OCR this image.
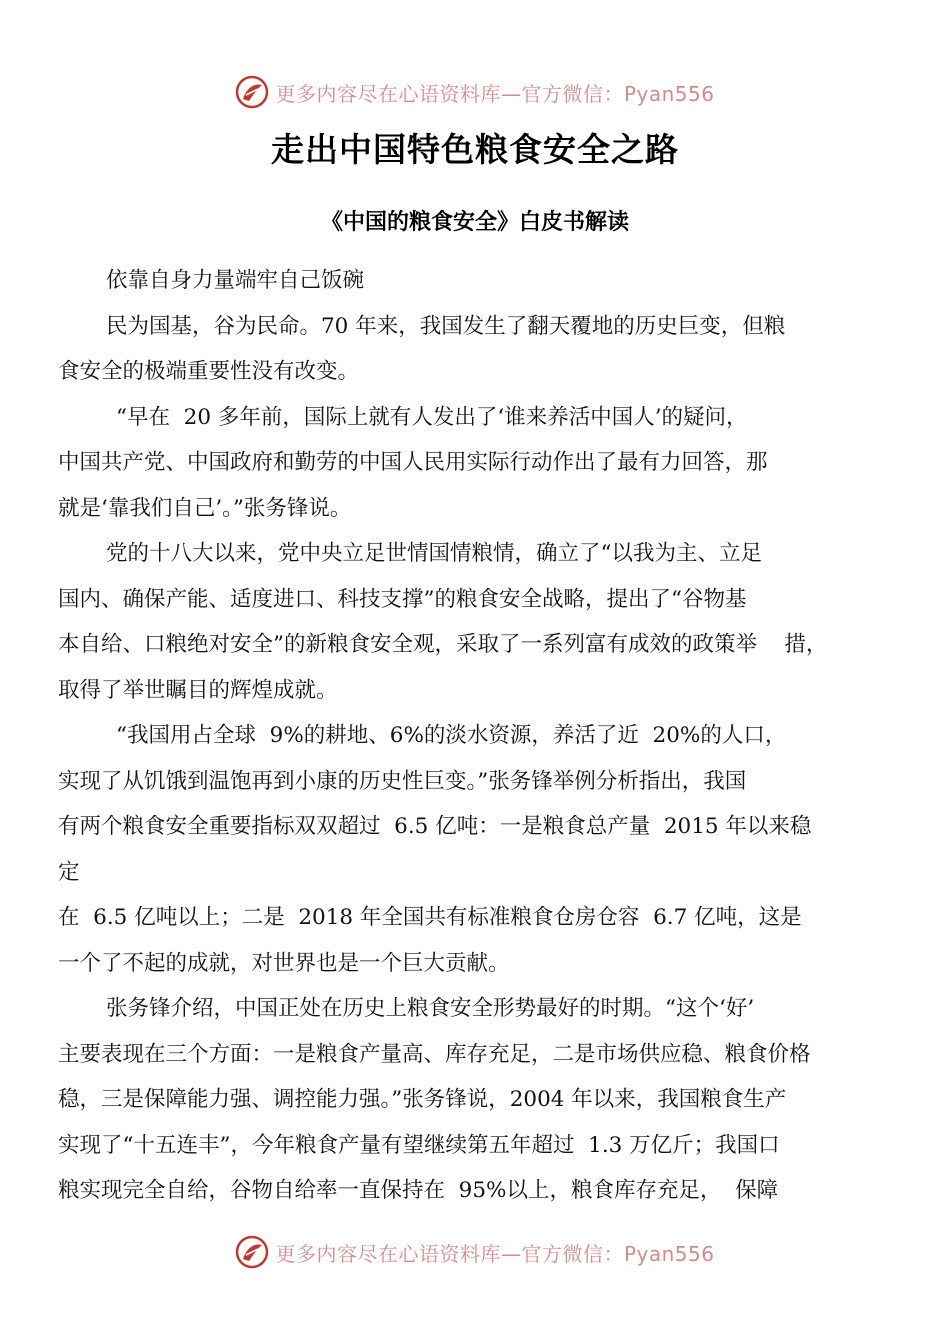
更多内容尽在心语资料库—官方微信：Pyan556
走出中国特色粮食安全之路
《中国的粮食安全》白皮书解读

依靠自身力量端牢自己饭碗

民为国基，谷为民命。70 年来，我国发生了翻天覆地的历史巨变，但粮

食安全的极端重要性没有改变。

“早在  20 多年前，国际上就有人发出了‘谁来养活中国人’的疑问，

中国共产党、中国政府和勤劳的中国人民用实际行动作出了最有力回答，那

就是‘靠我们自己’。”张务锋说。

党的十八大以来，党中央立足世情国情粮情，确立了“以我为主、立足

国内、确保产能、适度进口、科技支撑”的粮食安全战略，提出了“谷物基

本自给、口粮绝对安全”的新粮食安全观，采取了一系列富有成效的政策举    措，

取得了举世瞩目的辉煌成就。

“我国用占全球  9%的耕地、6%的淡水资源，养活了近  20%的人口，

实现了从饥饿到温饱再到小康的历史性巨变。”张务锋举例分析指出，我国

有两个粮食安全重要指标双双超过  6.5 亿吨：一是粮食总产量  2015 年以来稳

定

在  6.5 亿吨以上；二是  2018 年全国共有标准粮食仓房仓容  6.7 亿吨，这是

一个了不起的成就，对世界也是一个巨大贡献。

张务锋介绍，中国正处在历史上粮食安全形势最好的时期。“这个‘好’

主要表现在三个方面：一是粮食产量高、库存充足，二是市场供应稳、粮食价格

稳，三是保障能力强、调控能力强。”张务锋说，2004 年以来，我国粮食生产

实现了“十五连丰”，今年粮食产量有望继续第五年超过  1.3 万亿斤；我国口

粮实现完全自给，谷物自给率一直保持在  95%以上，粮食库存充足，  保障

更多内容尽在心语资料库—官方微信：Pyan556
